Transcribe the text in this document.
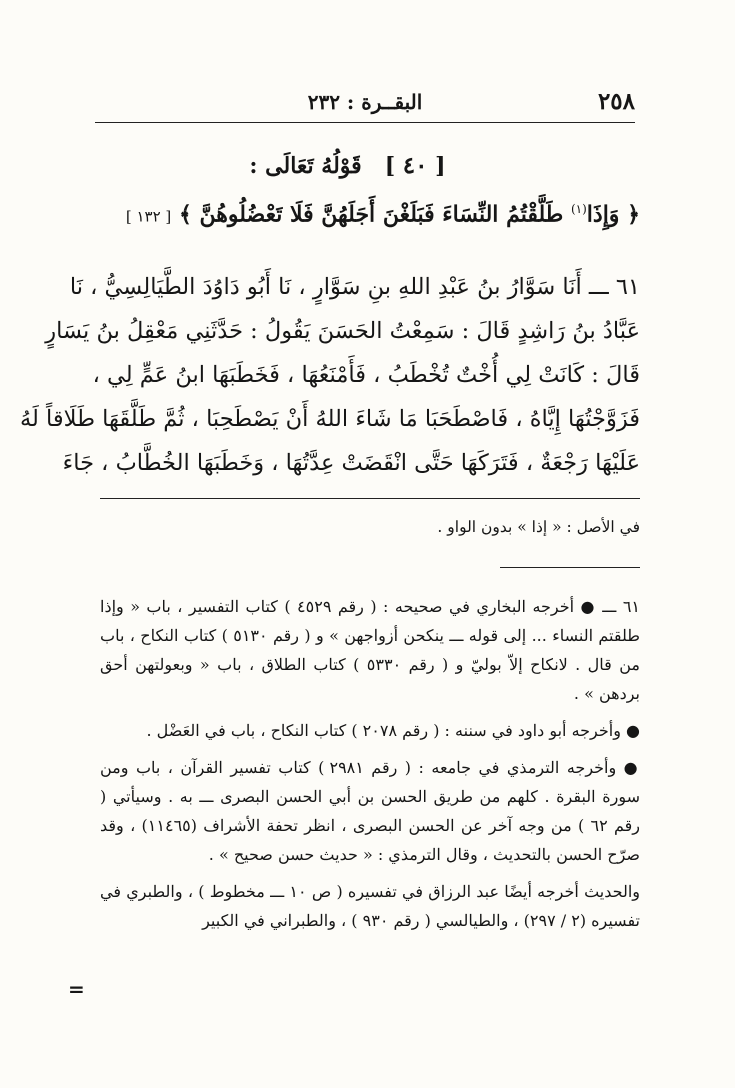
٢٥٨
البقــرة : ٢٣٢
[ ٤٠ ]   قَوْلُهُ تَعَالَى :
﴿ وَإِذَا$^{(١)}$ طَلَّقْتُمُ النِّسَاءَ فَبَلَغْنَ أَجَلَهُنَّ فَلَا تَعْضُلُوهُنَّ ﴾ [ ١٣٢ ]
٦١ ـــ أَنَا سَوَّارُ بنُ عَبْدِ اللهِ بنِ سَوَّارٍ ، نَا أَبُو دَاوُدَ الطَّيَالِسِيُّ ، نَا
عَبَّادُ بنُ رَاشِدٍ قَالَ : سَمِعْتُ الحَسَنَ يَقُولُ : حَدَّثَنِي مَعْقِلُ بنُ يَسَارٍ
قَالَ : كَانَتْ لِي أُخْتٌ تُخْطَبُ ، فَأَمْنَعُهَا ، فَخَطَبَهَا ابنُ عَمٍّ لِي ،
فَزَوَّجْتُهَا إِيَّاهُ ، فَاصْطَحَبَا مَا شَاءَ اللهُ أَنْ يَصْطَحِبَا ، ثُمَّ طَلَّقَهَا طَلَاقاً لَهُ
عَلَيْهَا رَجْعَةٌ ، فَتَرَكَهَا حَتَّى انْقَضَتْ عِدَّتُهَا ، وَخَطَبَهَا الخُطَّابُ ، جَاءَ
في الأصل : « إذا » بدون الواو .

٦١ ـــ ● أخرجه البخاري في صحيحه : ( رقم ٤٥٢٩ ) كتاب التفسير ، باب « وإذا طلقتم النساء ... إلى قوله ـــ ينكحن أزواجهن » و ( رقم ٥١٣٠ ) كتاب النكاح ، باب من قال . لانكاح إلاّ بوليّ و ( رقم ٥٣٣٠ ) كتاب الطلاق ، باب « وبعولتهن أحق بردهن » .

● وأخرجه أبو داود في سننه : ( رقم ٢٠٧٨ ) كتاب النكاح ، باب في العَضْل .

● وأخرجه الترمذي في جامعه : ( رقم ٢٩٨١ ) كتاب تفسير القرآن ، باب ومن سورة البقرة . كلهم من طريق الحسن بن أبي الحسن البصرى ـــ به . وسيأتي ( رقم ٦٢ ) من وجه آخر عن الحسن البصرى ، انظر تحفة الأشراف (١١٤٦٥) ، وقد صرّح الحسن بالتحديث ، وقال الترمذي : « حديث حسن صحيح » .

والحديث أخرجه أيضًا عبد الرزاق في تفسيره ( ص ١٠ ـــ مخطوط ) ، والطبري في تفسيره (٢ / ٢٩٧) ، والطيالسي ( رقم ٩٣٠ ) ، والطبراني في الكبير

=
